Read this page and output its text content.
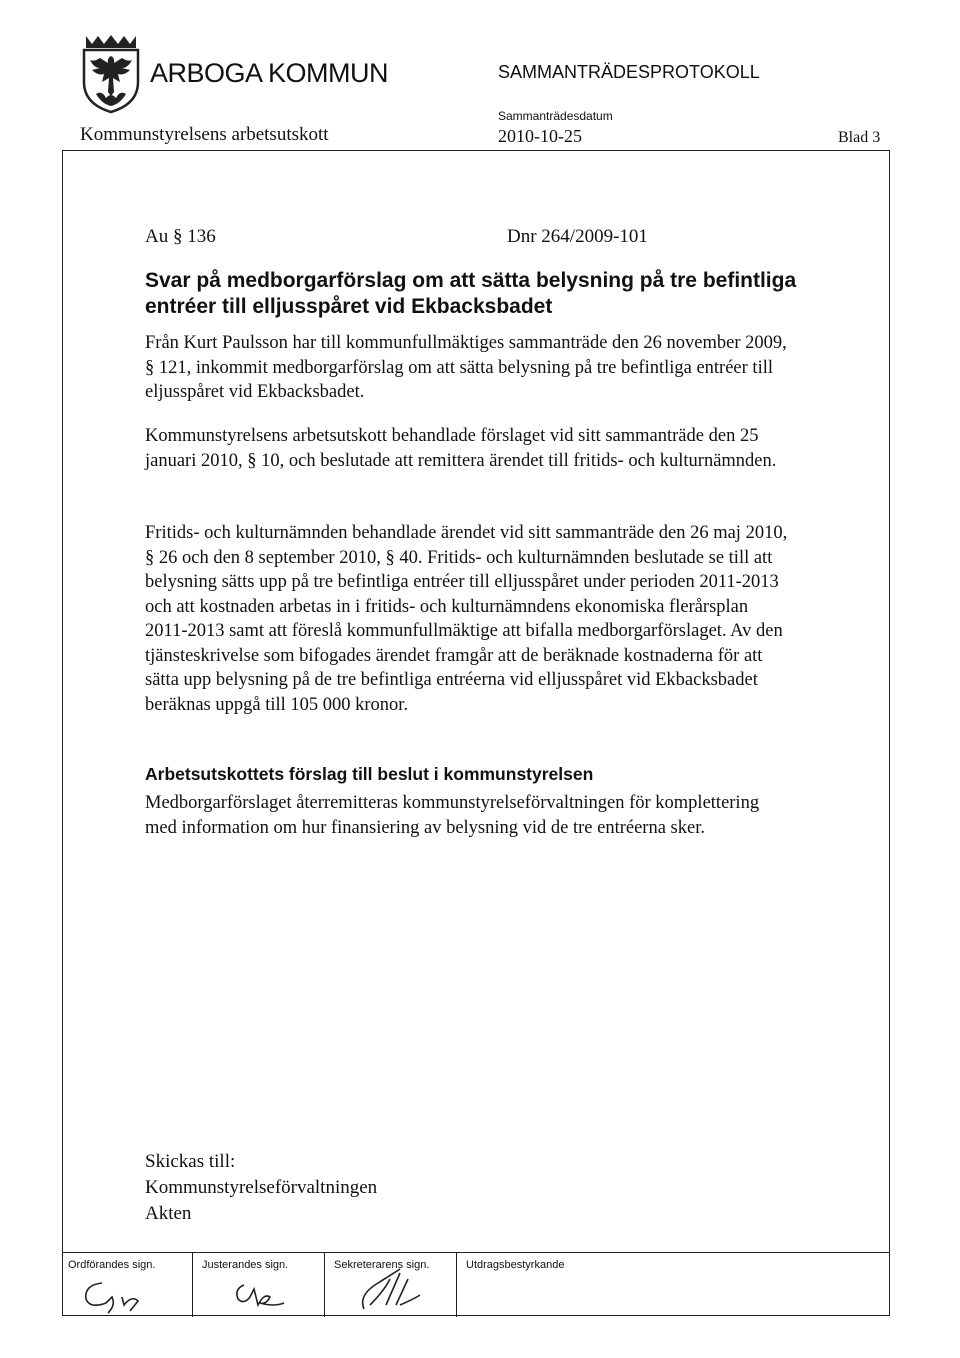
ARBOGA KOMMUN	SAMMANTRÄDESPROTOKOLL
Kommunstyrelsens arbetsutskott
Sammanträdesdatum
2010-10-25	Blad 3
Au § 136	Dnr 264/2009-101
Svar på medborgarförslag om att sätta belysning på tre befintliga entréer till elljusspåret vid Ekbacksbadet
Från Kurt Paulsson har till kommunfullmäktiges sammanträde den 26 november 2009, § 121, inkommit medborgarförslag om att sätta belysning på tre befintliga entréer till eljusspåret vid Ekbacksbadet.
Kommunstyrelsens arbetsutskott behandlade förslaget vid sitt sammanträde den 25 januari 2010, § 10, och beslutade att remittera ärendet till fritids- och kulturnämnden.
Fritids- och kulturnämnden behandlade ärendet vid sitt sammanträde den 26 maj 2010, § 26 och den 8 september 2010, § 40. Fritids- och kulturnämnden beslutade se till att belysning sätts upp på tre befintliga entréer till elljusspåret under perioden 2011-2013 och att kostnaden arbetas in i fritids- och kulturnämndens ekonomiska flerårsplan 2011-2013 samt att föreslå kommunfullmäktige att bifalla medborgarförslaget. Av den tjänsteskrivelse som bifogades ärendet framgår att de beräknade kostnaderna för att sätta upp belysning på de tre befintliga entréerna vid elljusspåret vid Ekbacksbadet beräknas uppgå till 105 000 kronor.
Arbetsutskottets förslag till beslut i kommunstyrelsen
Medborgarförslaget återremitteras kommunstyrelseförvaltningen för komplettering med information om hur finansiering av belysning vid de tre entréerna sker.
Skickas till:
Kommunstyrelseförvaltningen
Akten
Ordförandes sign.	Justerandes sign.	Sekreterarens sign.	Utdragsbestyrkande
